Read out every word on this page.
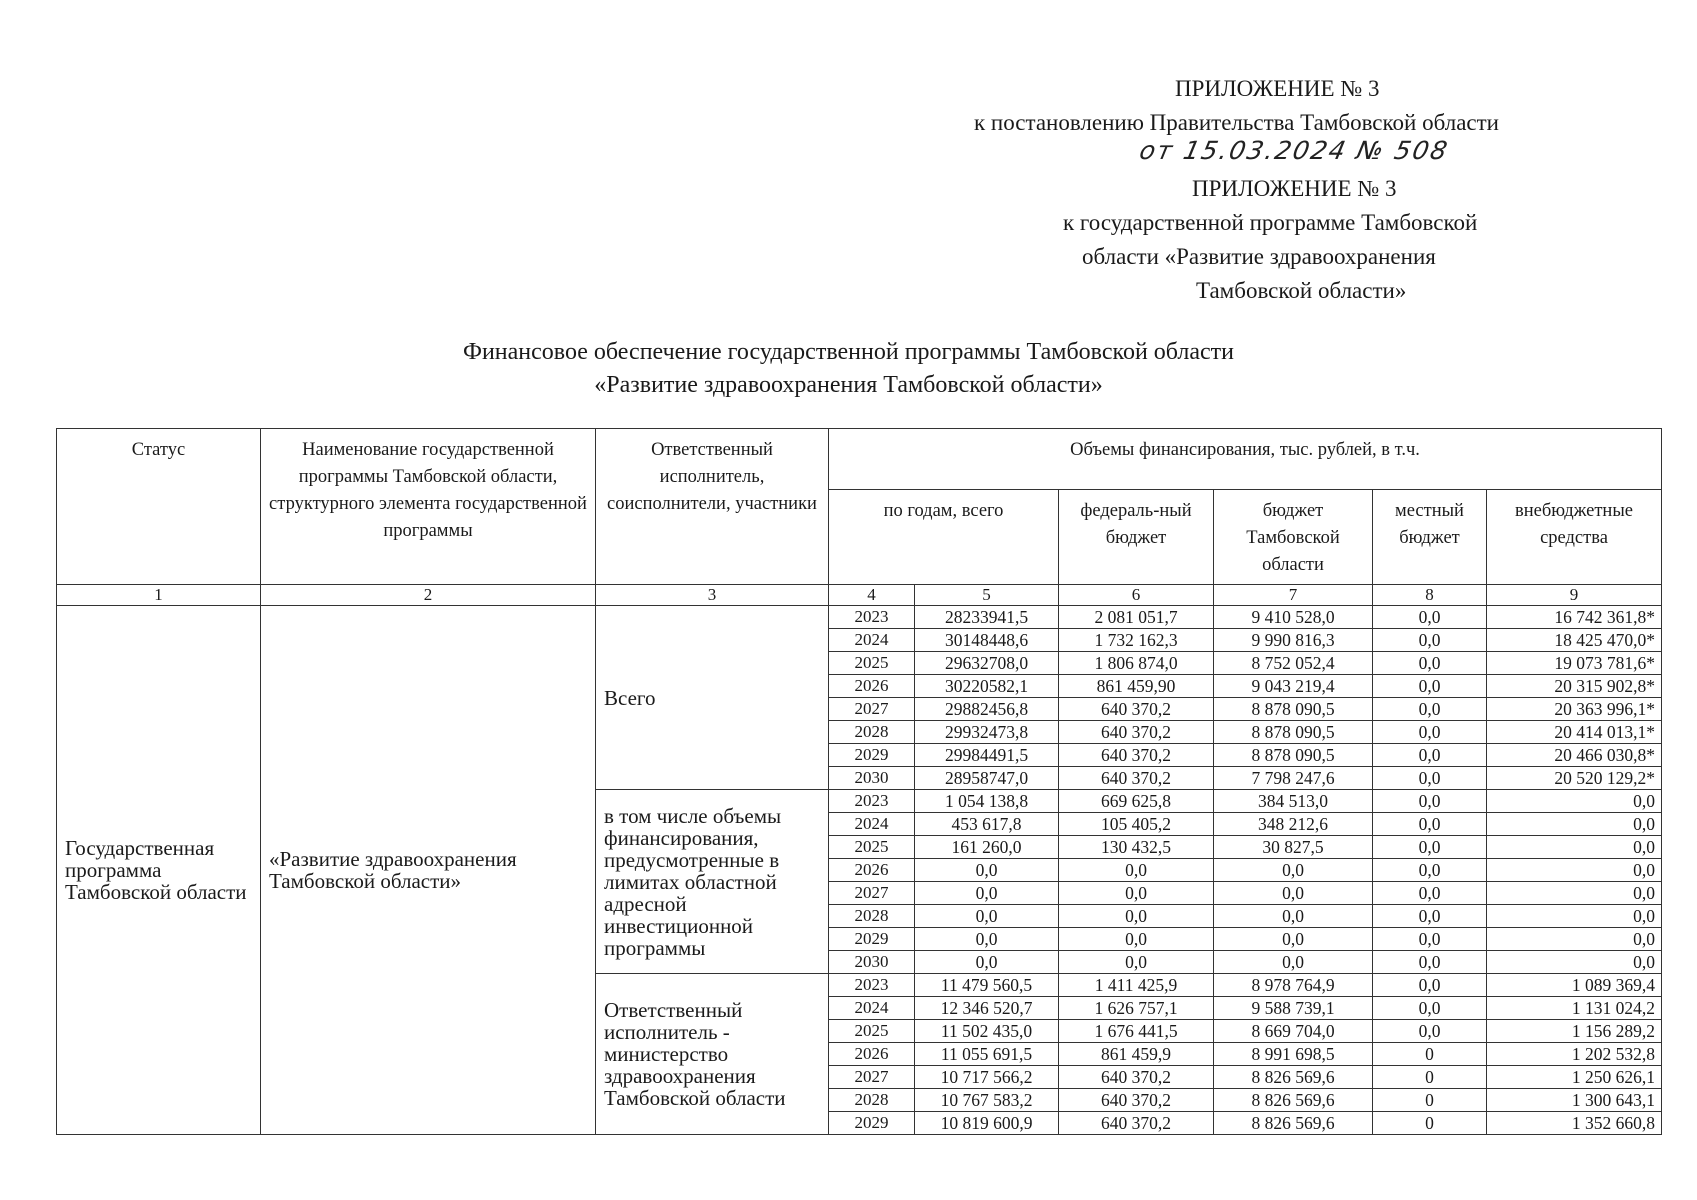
ПРИЛОЖЕНИЕ № 3
к постановлению Правительства Тамбовской области
от 15.03.2024 № 508
ПРИЛОЖЕНИЕ № 3
к государственной программе Тамбовской
области «Развитие здравоохранения
Тамбовской области»
Финансовое обеспечение государственной программы Тамбовской области
«Развитие здравоохранения Тамбовской области»
Статус	Наименование государственной программы Тамбовской области, структурного элемента государственной программы	Ответственный исполнитель, соисполнители, участники	Объемы финансирования, тыс. рублей, в т.ч.					
			по годам, всего		федераль-ный бюджет	бюджет Тамбовской области	местный бюджет	внебюджетные средства
1	2	3	4	5	6	7	8	9
Государственная программа Тамбовской области	«Развитие здравоохранения Тамбовской области»	Всего	2023	28233941,5	2 081 051,7	9 410 528,0	0,0	16 742 361,8*
			2024	30148448,6	1 732 162,3	9 990 816,3	0,0	18 425 470,0*
			2025	29632708,0	1 806 874,0	8 752 052,4	0,0	19 073 781,6*
			2026	30220582,1	861 459,90	9 043 219,4	0,0	20 315 902,8*
			2027	29882456,8	640 370,2	8 878 090,5	0,0	20 363 996,1*
			2028	29932473,8	640 370,2	8 878 090,5	0,0	20 414 013,1*
			2029	29984491,5	640 370,2	8 878 090,5	0,0	20 466 030,8*
			2030	28958747,0	640 370,2	7 798 247,6	0,0	20 520 129,2*
		в том числе объемы финансирования, предусмотренные в лимитах областной адресной инвестиционной программы	2023	1 054 138,8	669 625,8	384 513,0	0,0	0,0
			2024	453 617,8	105 405,2	348 212,6	0,0	0,0
			2025	161 260,0	130 432,5	30 827,5	0,0	0,0
			2026	0,0	0,0	0,0	0,0	0,0
			2027	0,0	0,0	0,0	0,0	0,0
			2028	0,0	0,0	0,0	0,0	0,0
			2029	0,0	0,0	0,0	0,0	0,0
			2030	0,0	0,0	0,0	0,0	0,0
		Ответственный исполнитель - министерство здравоохранения Тамбовской области	2023	11 479 560,5	1 411 425,9	8 978 764,9	0,0	1 089 369,4
			2024	12 346 520,7	1 626 757,1	9 588 739,1	0,0	1 131 024,2
			2025	11 502 435,0	1 676 441,5	8 669 704,0	0,0	1 156 289,2
			2026	11 055 691,5	861 459,9	8 991 698,5	0	1 202 532,8
			2027	10 717 566,2	640 370,2	8 826 569,6	0	1 250 626,1
			2028	10 767 583,2	640 370,2	8 826 569,6	0	1 300 643,1
			2029	10 819 600,9	640 370,2	8 826 569,6	0	1 352 660,8
